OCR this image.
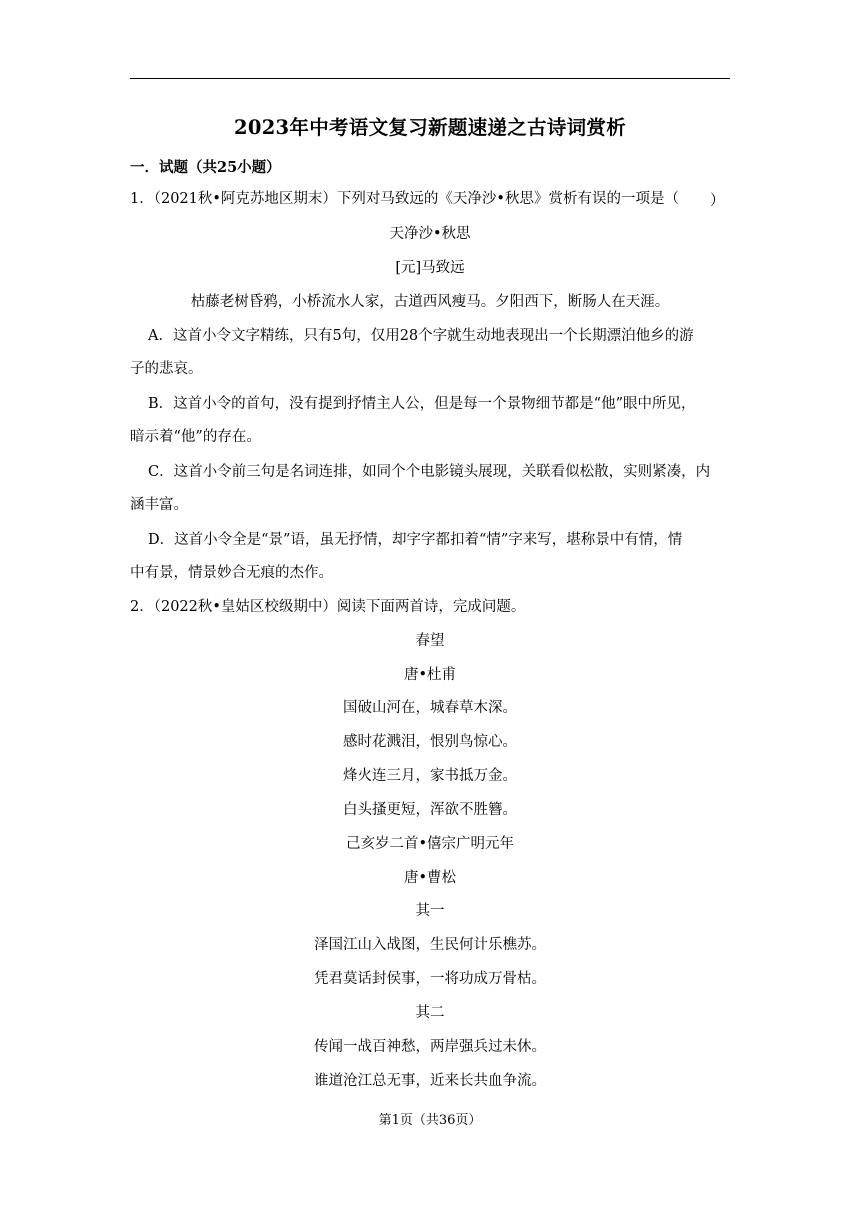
2023年中考语文复习新题速递之古诗词赏析
一．试题（共25小题）
1．（2021秋•阿克苏地区期末）下列对马致远的《天净沙•秋思》赏析有误的一项是（ ）
天净沙•秋思
[元]马致远
枯藤老树昏鸦，小桥流水人家，古道西风瘦马。夕阳西下，断肠人在天涯。
A．这首小令文字精练，只有5句，仅用28个字就生动地表现出一个长期漂泊他乡的游
子的悲哀。
B．这首小令的首句，没有提到抒情主人公，但是每一个景物细节都是“他”眼中所见，
暗示着“他”的存在。
C．这首小令前三句是名词连排，如同个个电影镜头展现，关联看似松散，实则紧凑，内
涵丰富。
D．这首小令全是“景”语，虽无抒情，却字字都扣着“情”字来写，堪称景中有情，情
中有景，情景妙合无痕的杰作。
2．（2022秋•皇姑区校级期中）阅读下面两首诗，完成问题。
春望
唐•杜甫
国破山河在，城春草木深。
感时花溅泪，恨别鸟惊心。
烽火连三月，家书抵万金。
白头搔更短，浑欲不胜簪。
己亥岁二首•僖宗广明元年
唐•曹松
其一
泽国江山入战图，生民何计乐樵苏。
凭君莫话封侯事，一将功成万骨枯。
其二
传闻一战百神愁，两岸强兵过未休。
谁道沧江总无事，近来长共血争流。
第1页（共36页）
